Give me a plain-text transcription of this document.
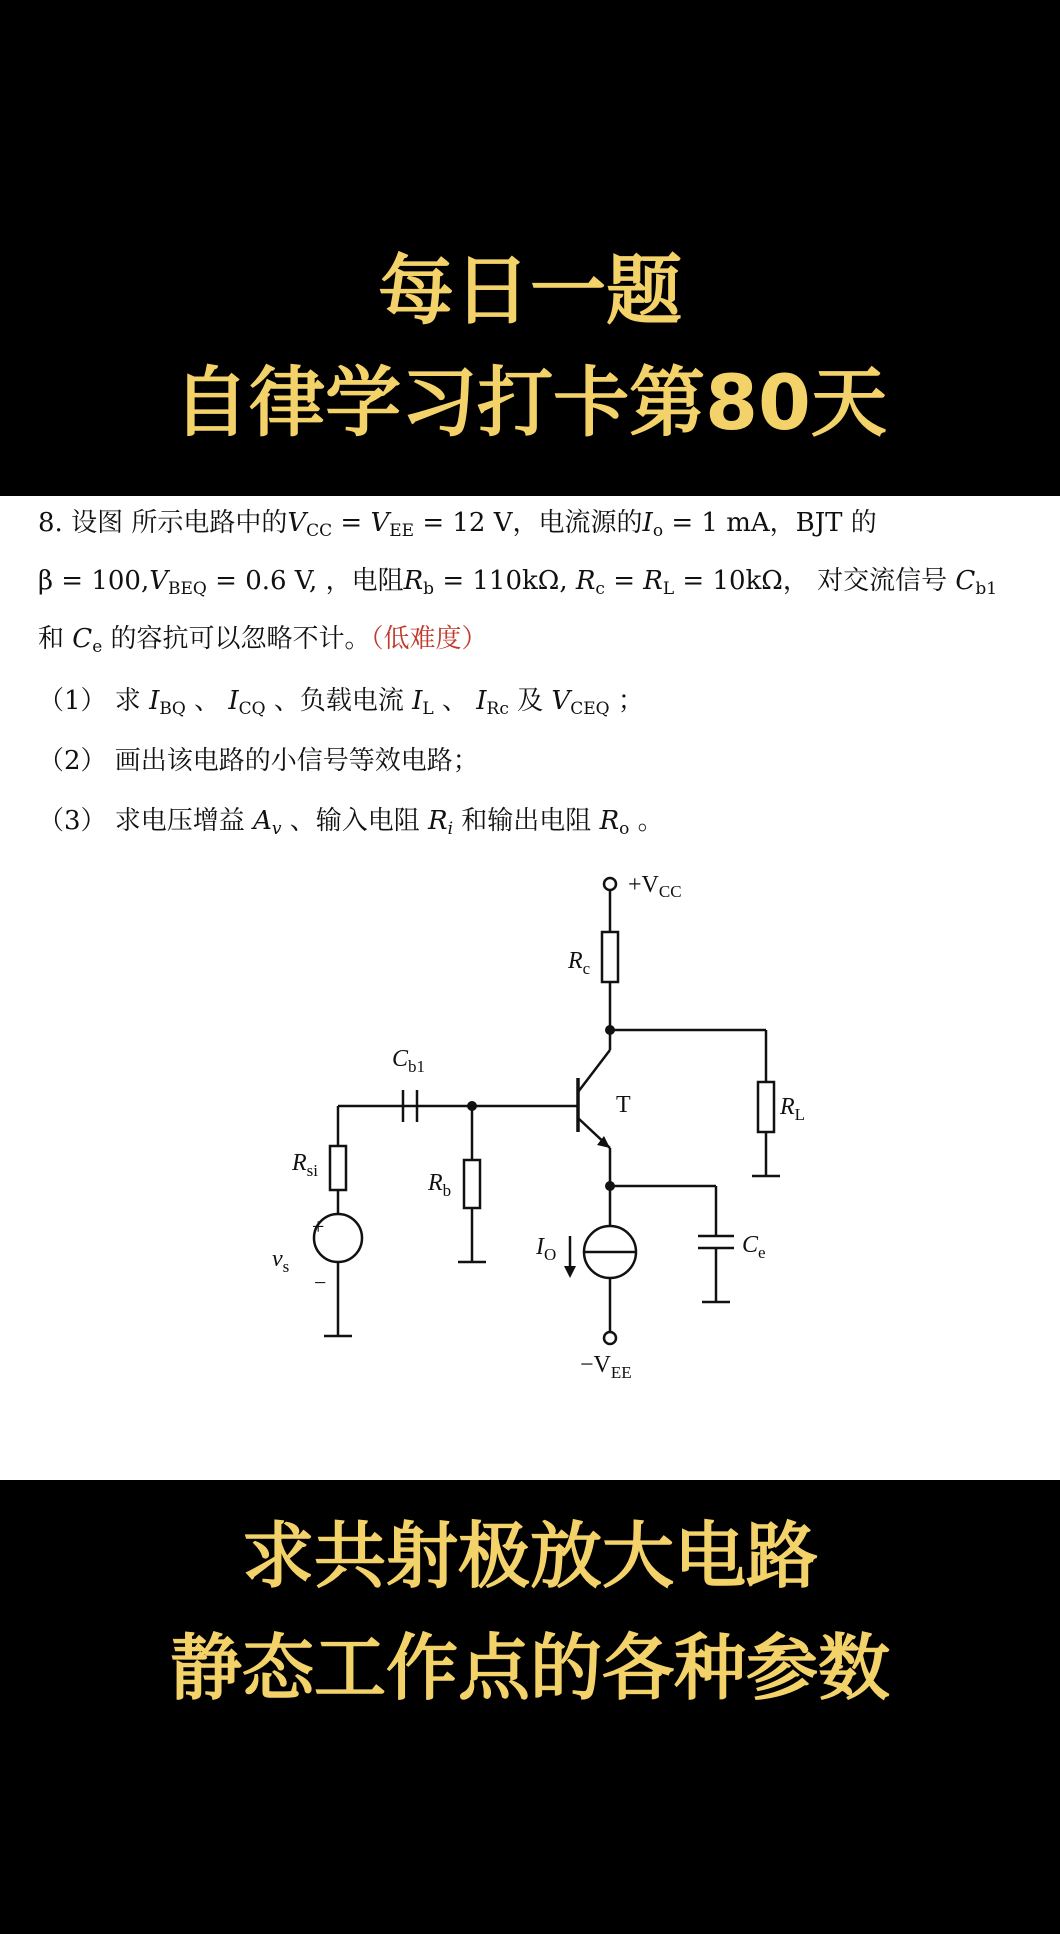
每日一题
自律学习打卡第80天
8. 设图 所示电路中的$V_{CC} = V_{EE} = 12$ V，电流源的$I_o = 1$ mA，BJT 的
$\beta = 100,V_{BEQ} = 0.6$ V, ，电阻$R_b = 110k\Omega$, $R_c = R_L = 10k\Omega$， 对交流信号 $C_{b1}$
和 $C_e$ 的容抗可以忽略不计。（低难度）
（1） 求 $I_{BQ}$ 、 $I_{CQ}$ 、负载电流 $I_L$ 、 $I_{Rc}$ 及 $V_{CEQ}$ ；
（2） 画出该电路的小信号等效电路；
（3） 求电压增益 $A_v$ 、输入电阻 $R_i$ 和输出电阻 $R_o$ 。
$+V_{CC}$
$R_c$
$R_L$
$C_{b1}$
T
$R_{si}$	$R_b$
+
−
$v_s$
$I_O$	$C_e$
$-V_{EE}$
求共射极放大电路
静态工作点的各种参数
